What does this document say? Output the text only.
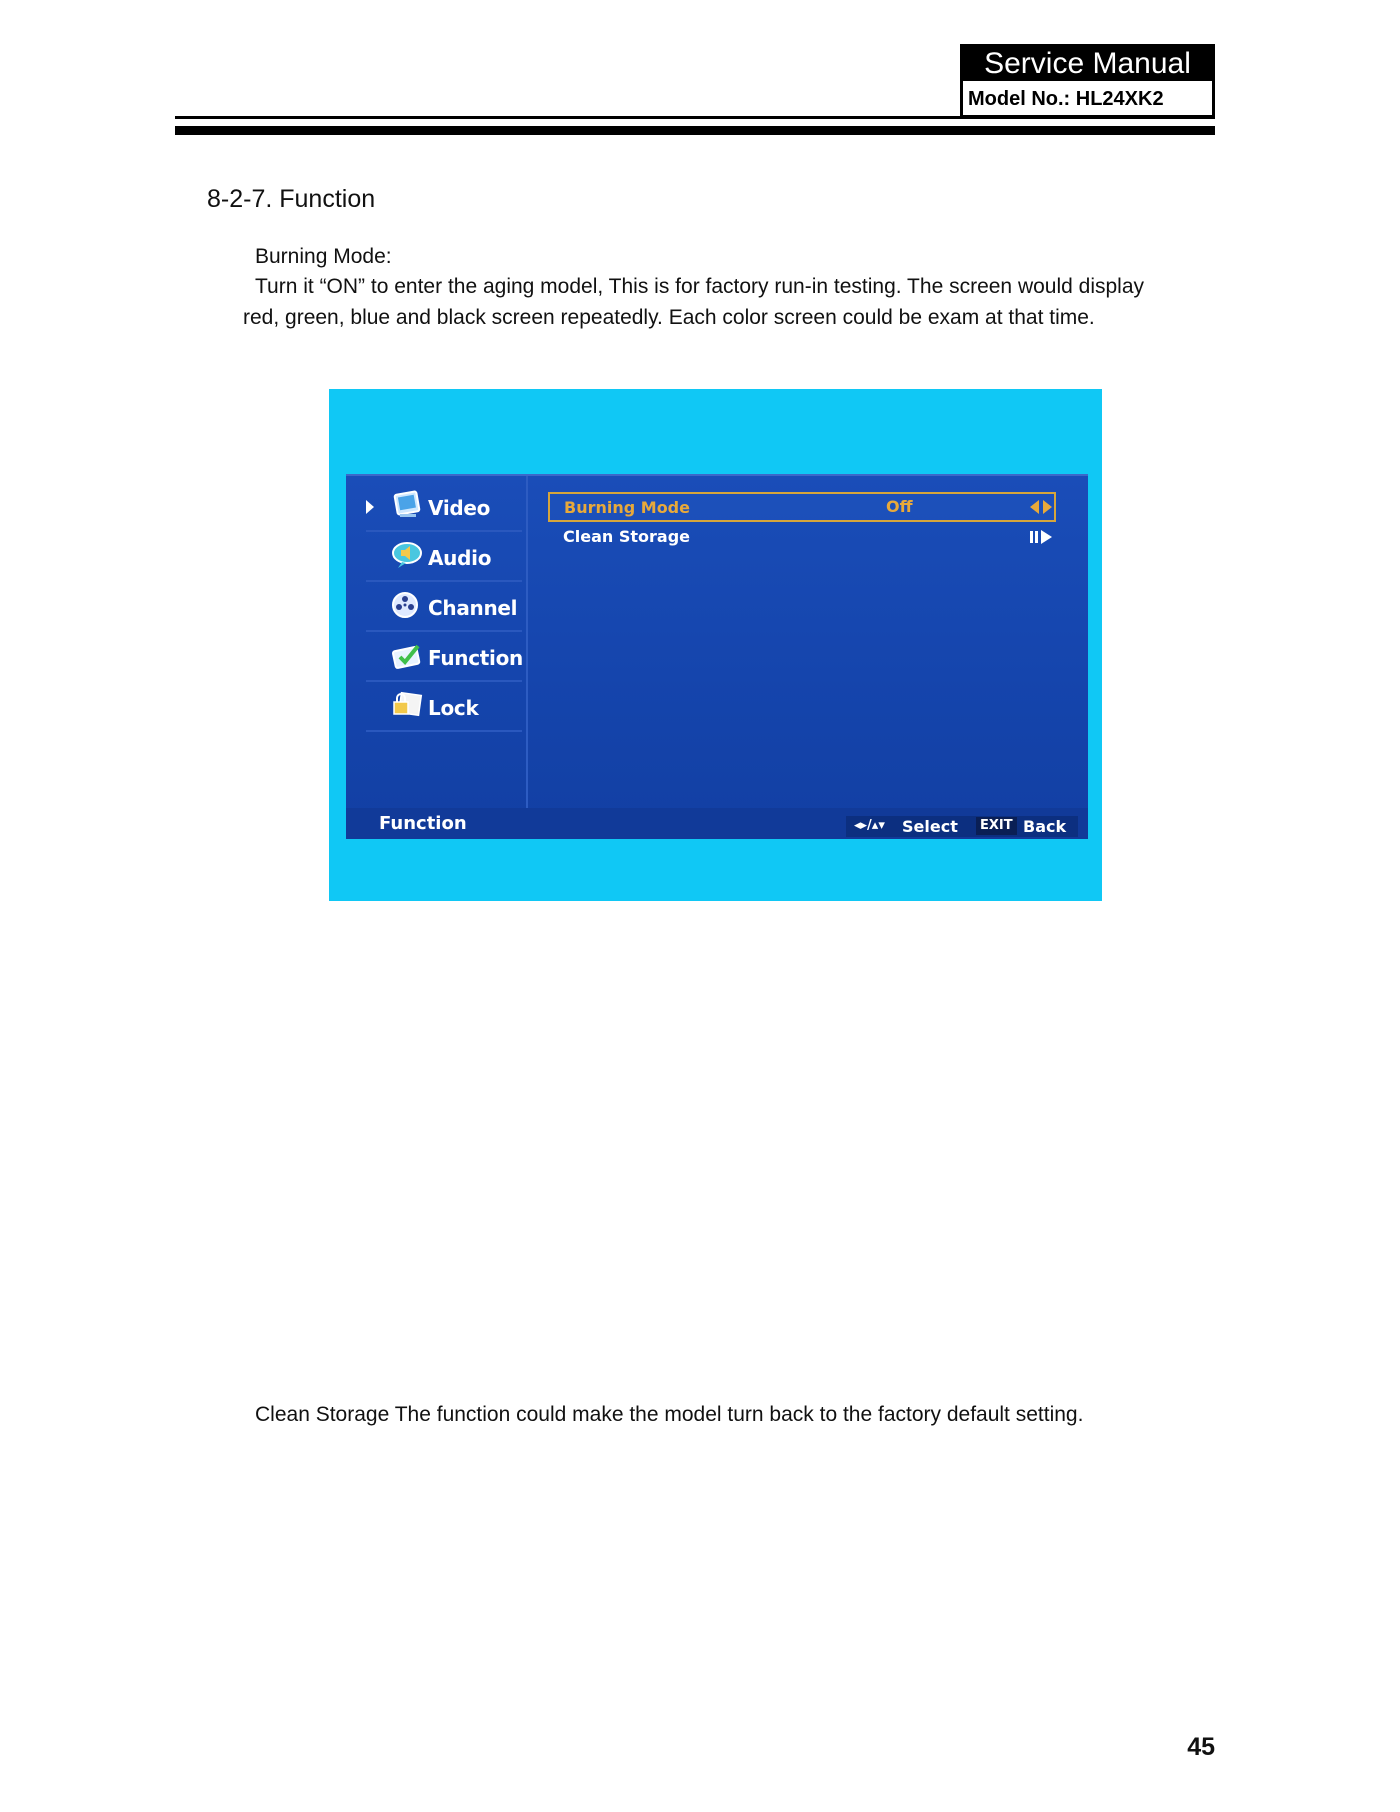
Service Manual
Model No.: HL24XK2
8-2-7. Function
Burning Mode:
Turn it “ON” to enter the aging model, This is for factory run-in testing. The screen would display
red, green, blue and black screen repeatedly. Each color screen could be exam at that time.
Video
Audio
Channel
Function
Lock
Burning Mode	Off
Clean Storage
Function	◂▸/▴▾ Select	EXIT Back
Clean Storage The function could make the model turn back to the factory default setting.
45
